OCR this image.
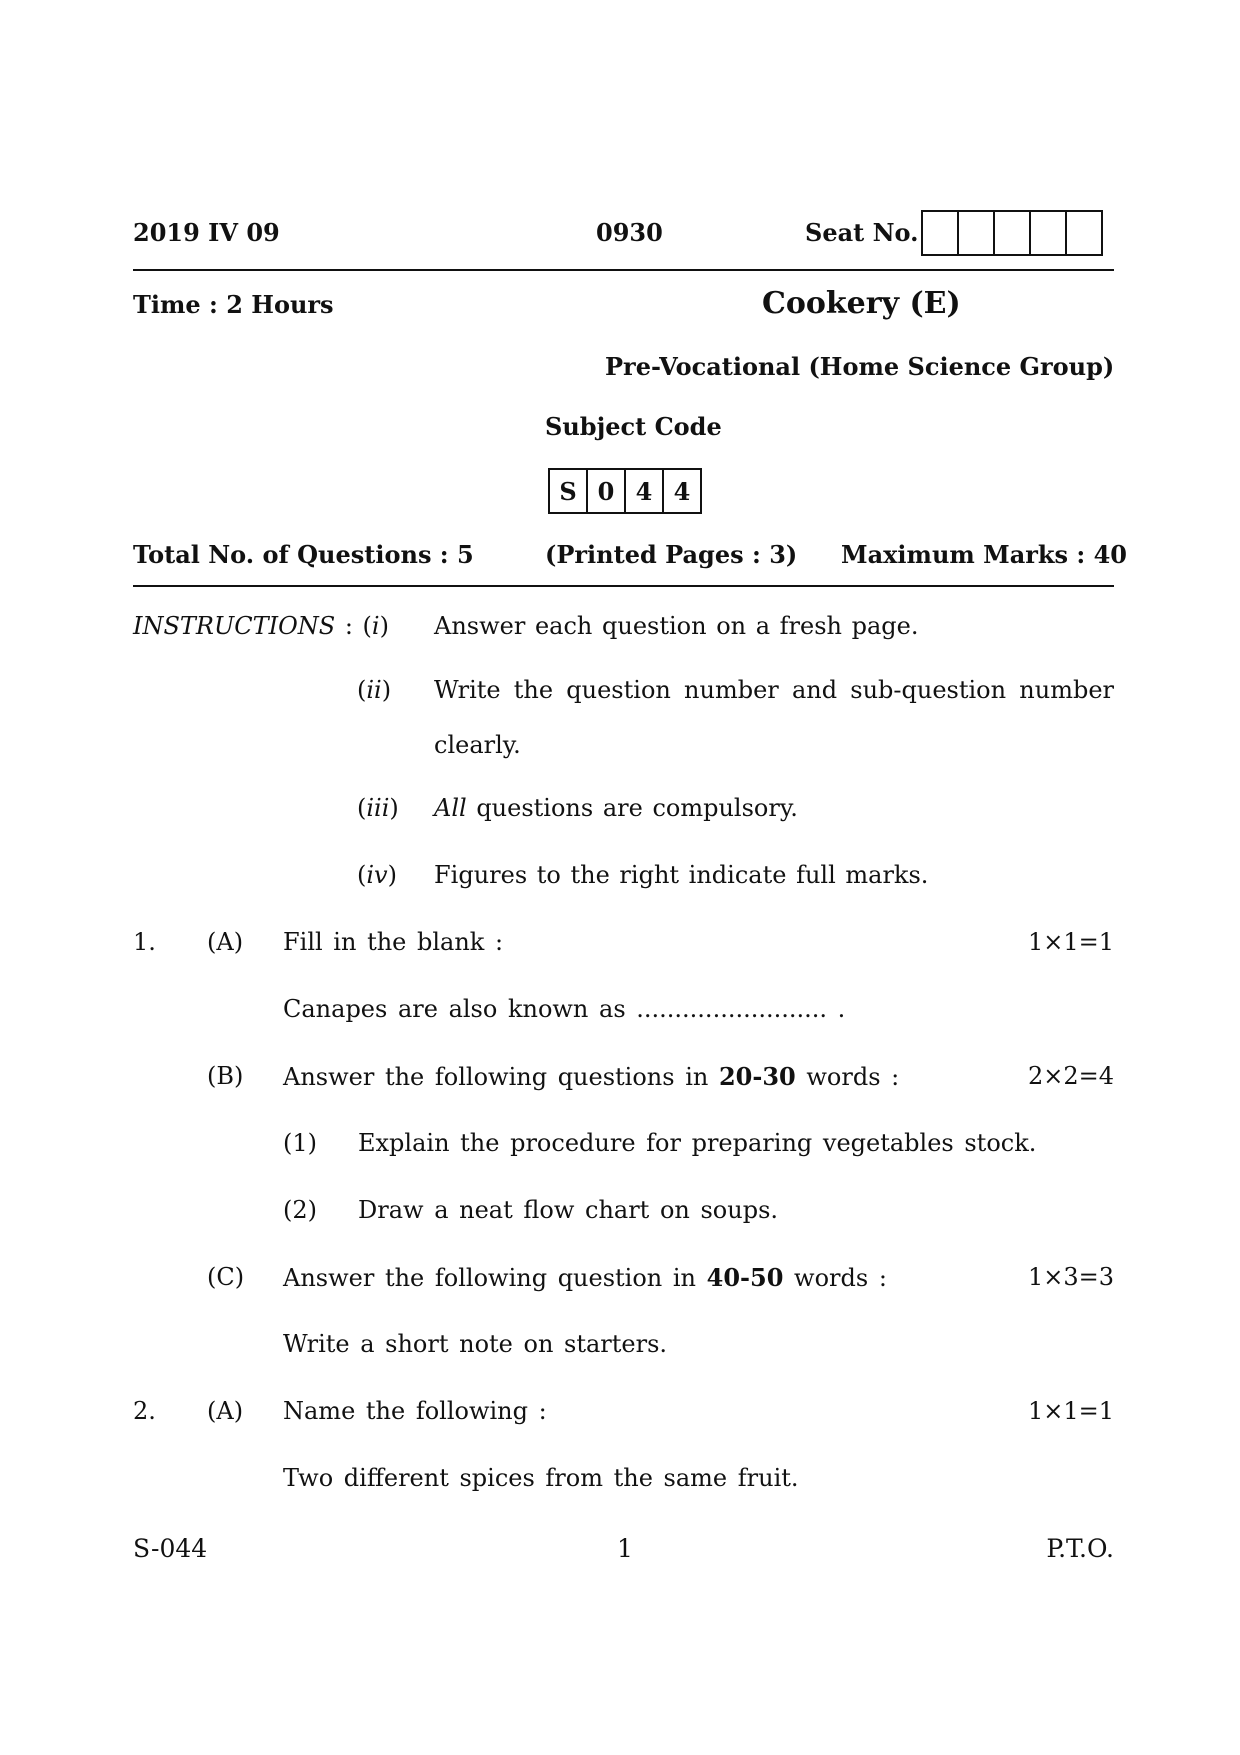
2019 IV 09	0930	Seat No.
Time : 2 Hours	Cookery (E)
Pre-Vocational (Home Science Group)
Subject Code
S 0 4 4
Total No. of Questions : 5	(Printed Pages : 3) Maximum Marks : 40
INSTRUCTIONS : (i) Answer each question on a fresh page.
(ii) Write the question number and sub-question number
clearly.
(iii) All questions are compulsory.
(iv) Figures to the right indicate full marks.
1. (A) Fill in the blank :	1×1=1
Canapes are also known as ......................... .
(B) Answer the following questions in 20-30 words :	2×2=4
(1) Explain the procedure for preparing vegetables stock.
(2) Draw a neat flow chart on soups.
(C) Answer the following question in 40-50 words :	1×3=3
Write a short note on starters.
2. (A) Name the following :	1×1=1
Two different spices from the same fruit.
S-044	1	P.T.O.
